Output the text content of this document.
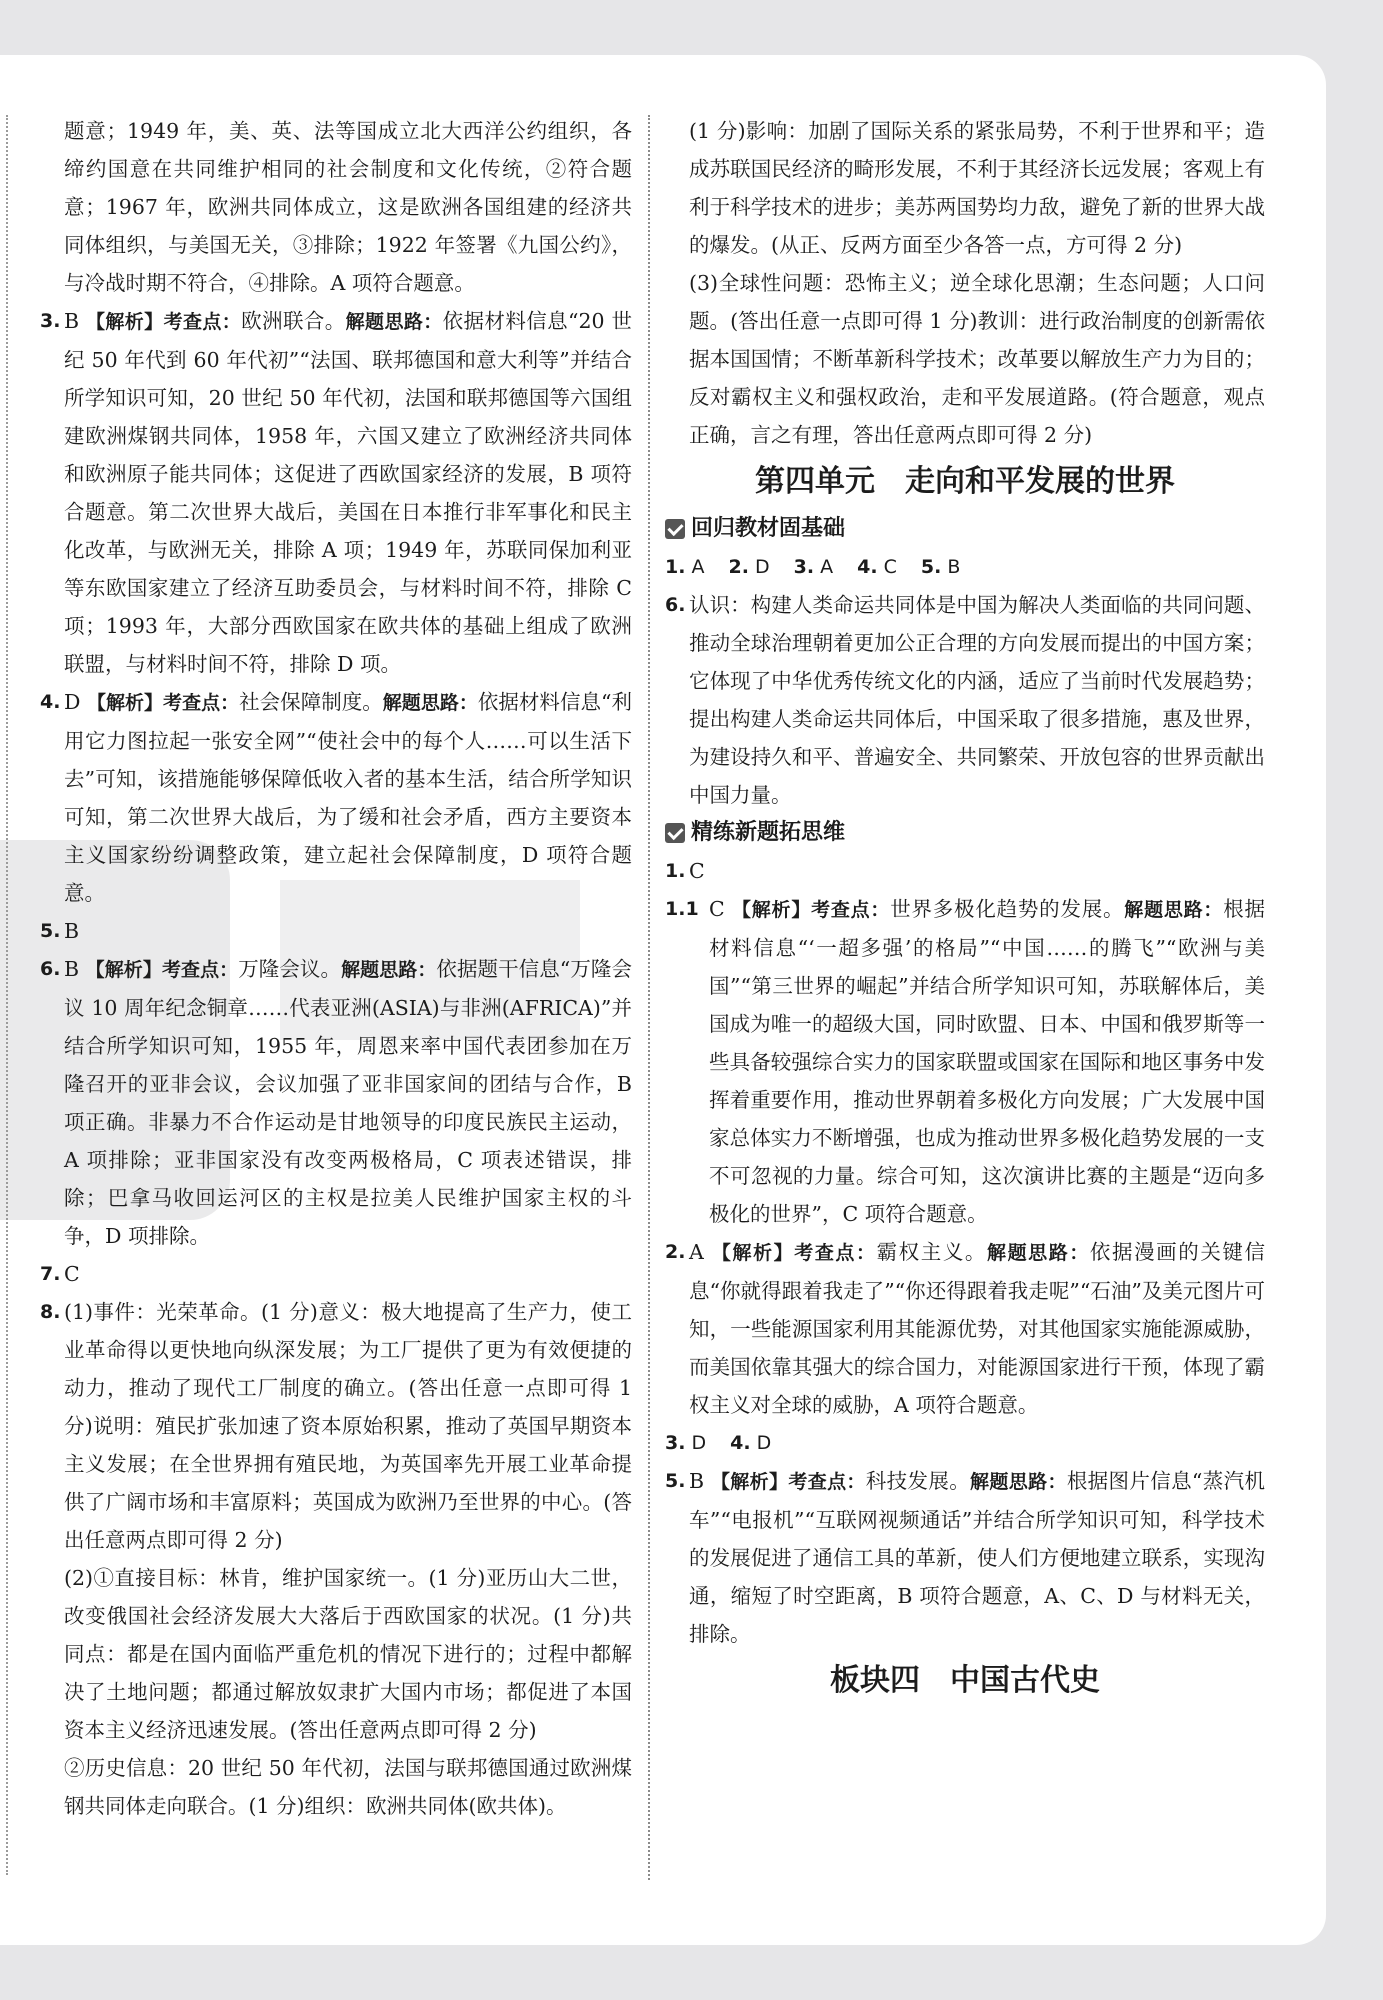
题意；1949 年，美、英、法等国成立北大西洋公约组织，各缔约国意在共同维护相同的社会制度和文化传统，②符合题意；1967 年，欧洲共同体成立，这是欧洲各国组建的经济共同体组织，与美国无关，③排除；1922 年签署《九国公约》，与冷战时期不符合，④排除。A 项符合题意。

3. B 【解析】考查点：欧洲联合。解题思路：依据材料信息“20 世纪 50 年代到 60 年代初”“法国、联邦德国和意大利等”并结合所学知识可知，20 世纪 50 年代初，法国和联邦德国等六国组建欧洲煤钢共同体，1958 年，六国又建立了欧洲经济共同体和欧洲原子能共同体；这促进了西欧国家经济的发展，B 项符合题意。第二次世界大战后，美国在日本推行非军事化和民主化改革，与欧洲无关，排除 A 项；1949 年，苏联同保加利亚等东欧国家建立了经济互助委员会，与材料时间不符，排除 C 项；1993 年，大部分西欧国家在欧共体的基础上组成了欧洲联盟，与材料时间不符，排除 D 项。
4. D 【解析】考查点：社会保障制度。解题思路：依据材料信息“利用它力图拉起一张安全网”“使社会中的每个人……可以生活下去”可知，该措施能够保障低收入者的基本生活，结合所学知识可知，第二次世界大战后，为了缓和社会矛盾，西方主要资本主义国家纷纷调整政策，建立起社会保障制度，D 项符合题意。
5. B
6. B 【解析】考查点：万隆会议。解题思路：依据题干信息“万隆会议 10 周年纪念铜章……代表亚洲(ASIA)与非洲(AFRICA)”并结合所学知识可知，1955 年，周恩来率中国代表团参加在万隆召开的亚非会议，会议加强了亚非国家间的团结与合作，B 项正确。非暴力不合作运动是甘地领导的印度民族民主运动，A 项排除；亚非国家没有改变两极格局，C 项表述错误，排除；巴拿马收回运河区的主权是拉美人民维护国家主权的斗争，D 项排除。
7. C
8. (1)事件：光荣革命。(1 分)意义：极大地提高了生产力，使工业革命得以更快地向纵深发展；为工厂提供了更为有效便捷的动力，推动了现代工厂制度的确立。(答出任意一点即可得 1 分)说明：殖民扩张加速了资本原始积累，推动了英国早期资本主义发展；在全世界拥有殖民地，为英国率先开展工业革命提供了广阔市场和丰富原料；英国成为欧洲乃至世界的中心。(答出任意两点即可得 2 分)

(2)①直接目标：林肯，维护国家统一。(1 分)亚历山大二世，改变俄国社会经济发展大大落后于西欧国家的状况。(1 分)共同点：都是在国内面临严重危机的情况下进行的；过程中都解决了土地问题；都通过解放奴隶扩大国内市场；都促进了本国资本主义经济迅速发展。(答出任意两点即可得 2 分)

②历史信息：20 世纪 50 年代初，法国与联邦德国通过欧洲煤钢共同体走向联合。(1 分)组织：欧洲共同体(欧共体)。

(1 分)影响：加剧了国际关系的紧张局势，不利于世界和平；造成苏联国民经济的畸形发展，不利于其经济长远发展；客观上有利于科学技术的进步；美苏两国势均力敌，避免了新的世界大战的爆发。(从正、反两方面至少各答一点，方可得 2 分)

(3)全球性问题：恐怖主义；逆全球化思潮；生态问题；人口问题。(答出任意一点即可得 1 分)教训：进行政治制度的创新需依据本国国情；不断革新科学技术；改革要以解放生产力为目的；反对霸权主义和强权政治，走和平发展道路。(符合题意，观点正确，言之有理，答出任意两点即可得 2 分)

第四单元　走向和平发展的世界
回归教材固基础
1. A 2. D 3. A 4. C 5. B
6. 认识：构建人类命运共同体是中国为解决人类面临的共同问题、推动全球治理朝着更加公正合理的方向发展而提出的中国方案；它体现了中华优秀传统文化的内涵，适应了当前时代发展趋势；提出构建人类命运共同体后，中国采取了很多措施，惠及世界，为建设持久和平、普遍安全、共同繁荣、开放包容的世界贡献出中国力量。
精练新题拓思维
1. C
1.1 C 【解析】考查点：世界多极化趋势的发展。解题思路：根据材料信息“‘一超多强’的格局”“中国……的腾飞”“欧洲与美国”“第三世界的崛起”并结合所学知识可知，苏联解体后，美国成为唯一的超级大国，同时欧盟、日本、中国和俄罗斯等一些具备较强综合实力的国家联盟或国家在国际和地区事务中发挥着重要作用，推动世界朝着多极化方向发展；广大发展中国家总体实力不断增强，也成为推动世界多极化趋势发展的一支不可忽视的力量。综合可知，这次演讲比赛的主题是“迈向多极化的世界”，C 项符合题意。
2. A 【解析】考查点：霸权主义。解题思路：依据漫画的关键信息“你就得跟着我走了”“你还得跟着我走呢”“石油”及美元图片可知，一些能源国家利用其能源优势，对其他国家实施能源威胁，而美国依靠其强大的综合国力，对能源国家进行干预，体现了霸权主义对全球的威胁，A 项符合题意。
3. D 4. D
5. B 【解析】考查点：科技发展。解题思路：根据图片信息“蒸汽机车”“电报机”“互联网视频通话”并结合所学知识可知，科学技术的发展促进了通信工具的革新，使人们方便地建立联系，实现沟通，缩短了时空距离，B 项符合题意，A、C、D 与材料无关，排除。
板块四　中国古代史
